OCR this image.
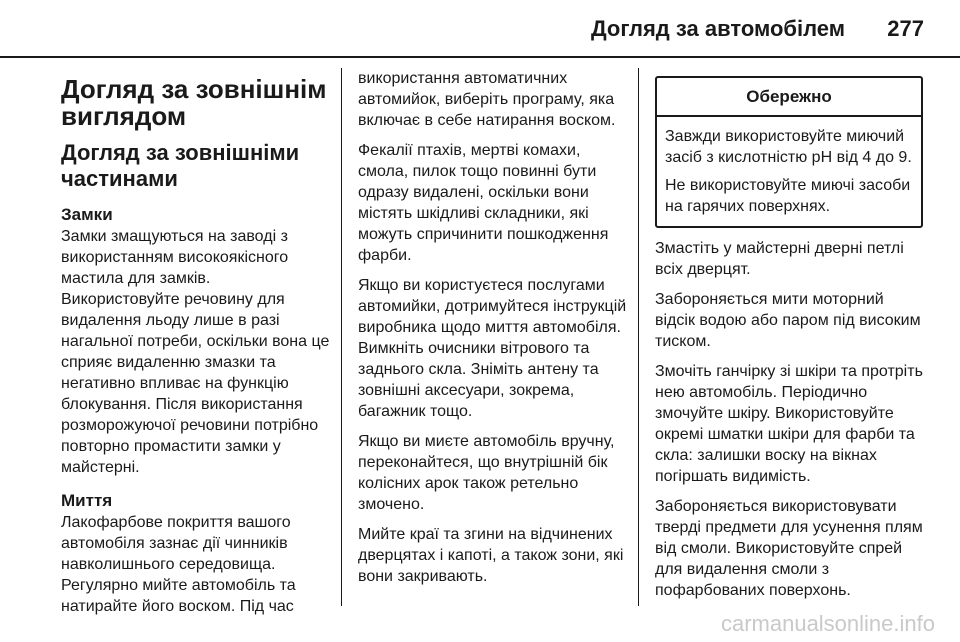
Догляд за автомобілем 277
Догляд за зовнішнім виглядом
Догляд за зовнішніми частинами
Замки

Замки змащуються на заводі з використанням високоякісного мастила для замків.

Використовуйте речовину для видалення льоду лише в разі нагальної потреби, оскільки вона це сприяє видаленню змазки та негативно впливає на функцію блокування. Після використання розморожуючої речовини потрібно повторно промастити замки у майстерні.

Миття

Лакофарбове покриття вашого автомобіля зазнає дії чинників навколишнього середовища. Регулярно мийте автомобіль та натирайте його воском. Під час

використання автоматичних автомийок, виберіть програму, яка включає в себе натирання воском.

Фекалії птахів, мертві комахи, смола, пилок тощо повинні бути одразу видалені, оскільки вони містять шкідливі складники, які можуть спричинити пошкодження фарби.

Якщо ви користуєтеся послугами автомийки, дотримуйтеся інструкцій виробника щодо миття автомобіля. Вимкніть очисники вітрового та заднього скла. Зніміть антену та зовнішні аксесуари, зокрема, багажник тощо.

Якщо ви миєте автомобіль вручну, переконайтеся, що внутрішній бік колісних арок також ретельно змочено.

Мийте краї та згини на відчинених дверцятах і капоті, а також зони, які вони закривають.

Обережно

Завжди використовуйте миючий засіб з кислотністю pH від 4 до 9.

Не використовуйте миючі засоби на гарячих поверхнях.

Змастіть у майстерні дверні петлі всіх дверцят.

Забороняється мити моторний відсік водою або паром під високим тиском.

Змочіть ганчірку зі шкіри та протріть нею автомобіль. Періодично змочуйте шкіру. Використовуйте окремі шматки шкіри для фарби та скла: залишки воску на вікнах погіршать видимість.

Забороняється використовувати тверді предмети для усунення плям від смоли. Використовуйте спрей для видалення смоли з пофарбованих поверхонь.

carmanualsonline.info
